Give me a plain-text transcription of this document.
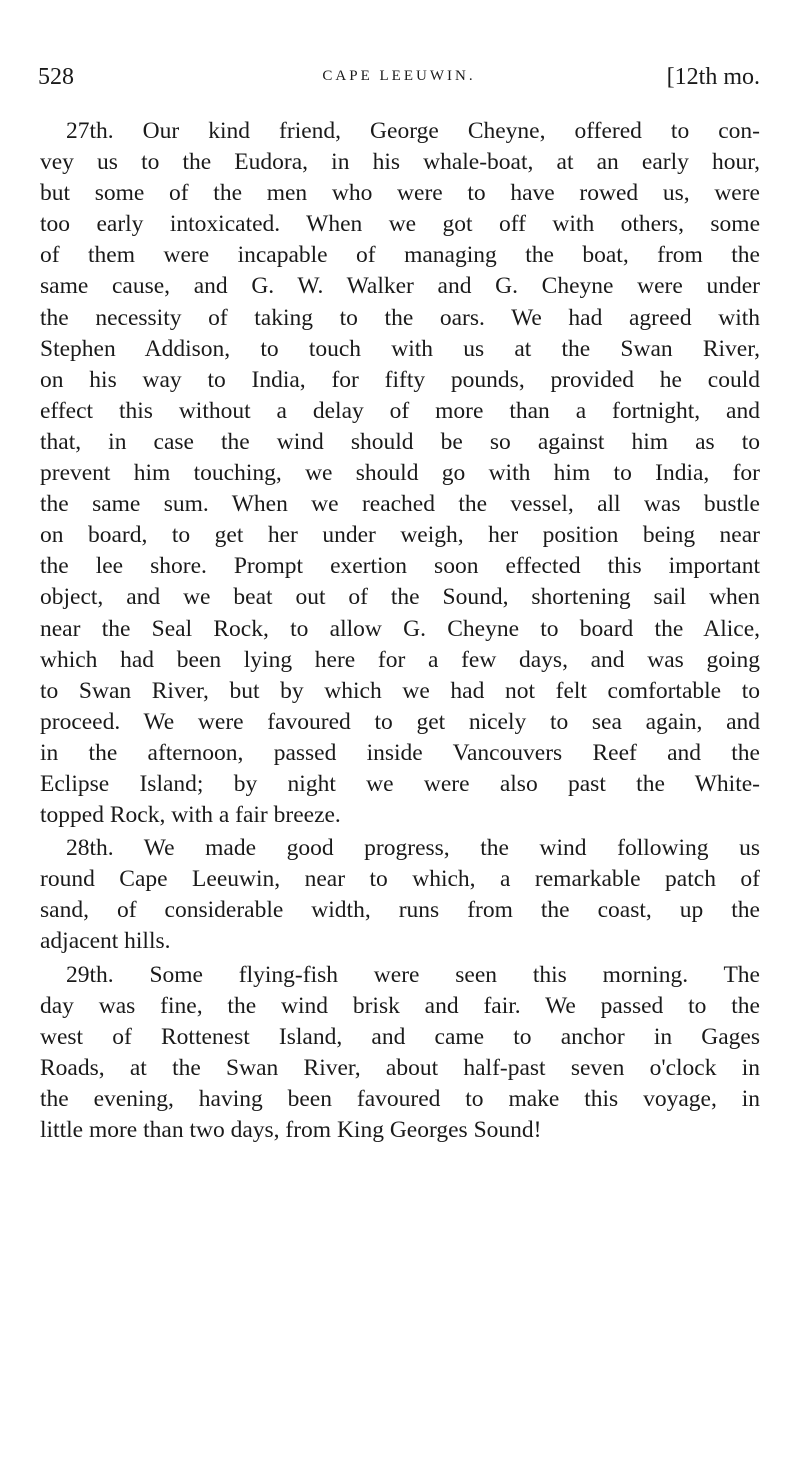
528	CAPE LEEUWIN.	[12th mo.
27th. Our kind friend, George Cheyne, offered to con-
vey us to the Eudora, in his whale-boat, at an early hour,
but some of the men who were to have rowed us, were
too early intoxicated. When we got off with others, some
of them were incapable of managing the boat, from the
same cause, and G. W. Walker and G. Cheyne were under
the necessity of taking to the oars. We had agreed with
Stephen Addison, to touch with us at the Swan River,
on his way to India, for fifty pounds, provided he could
effect this without a delay of more than a fortnight, and
that, in case the wind should be so against him as to
prevent him touching, we should go with him to India, for
the same sum. When we reached the vessel, all was bustle
on board, to get her under weigh, her position being near
the lee shore. Prompt exertion soon effected this important
object, and we beat out of the Sound, shortening sail when
near the Seal Rock, to allow G. Cheyne to board the Alice,
which had been lying here for a few days, and was going
to Swan River, but by which we had not felt comfortable to
proceed. We were favoured to get nicely to sea again, and
in the afternoon, passed inside Vancouvers Reef and the
Eclipse Island; by night we were also past the White-
topped Rock, with a fair breeze.
28th. We made good progress, the wind following us
round Cape Leeuwin, near to which, a remarkable patch of
sand, of considerable width, runs from the coast, up the
adjacent hills.
29th. Some flying-fish were seen this morning. The
day was fine, the wind brisk and fair. We passed to the
west of Rottenest Island, and came to anchor in Gages
Roads, at the Swan River, about half-past seven o'clock in
the evening, having been favoured to make this voyage, in
little more than two days, from King Georges Sound!
